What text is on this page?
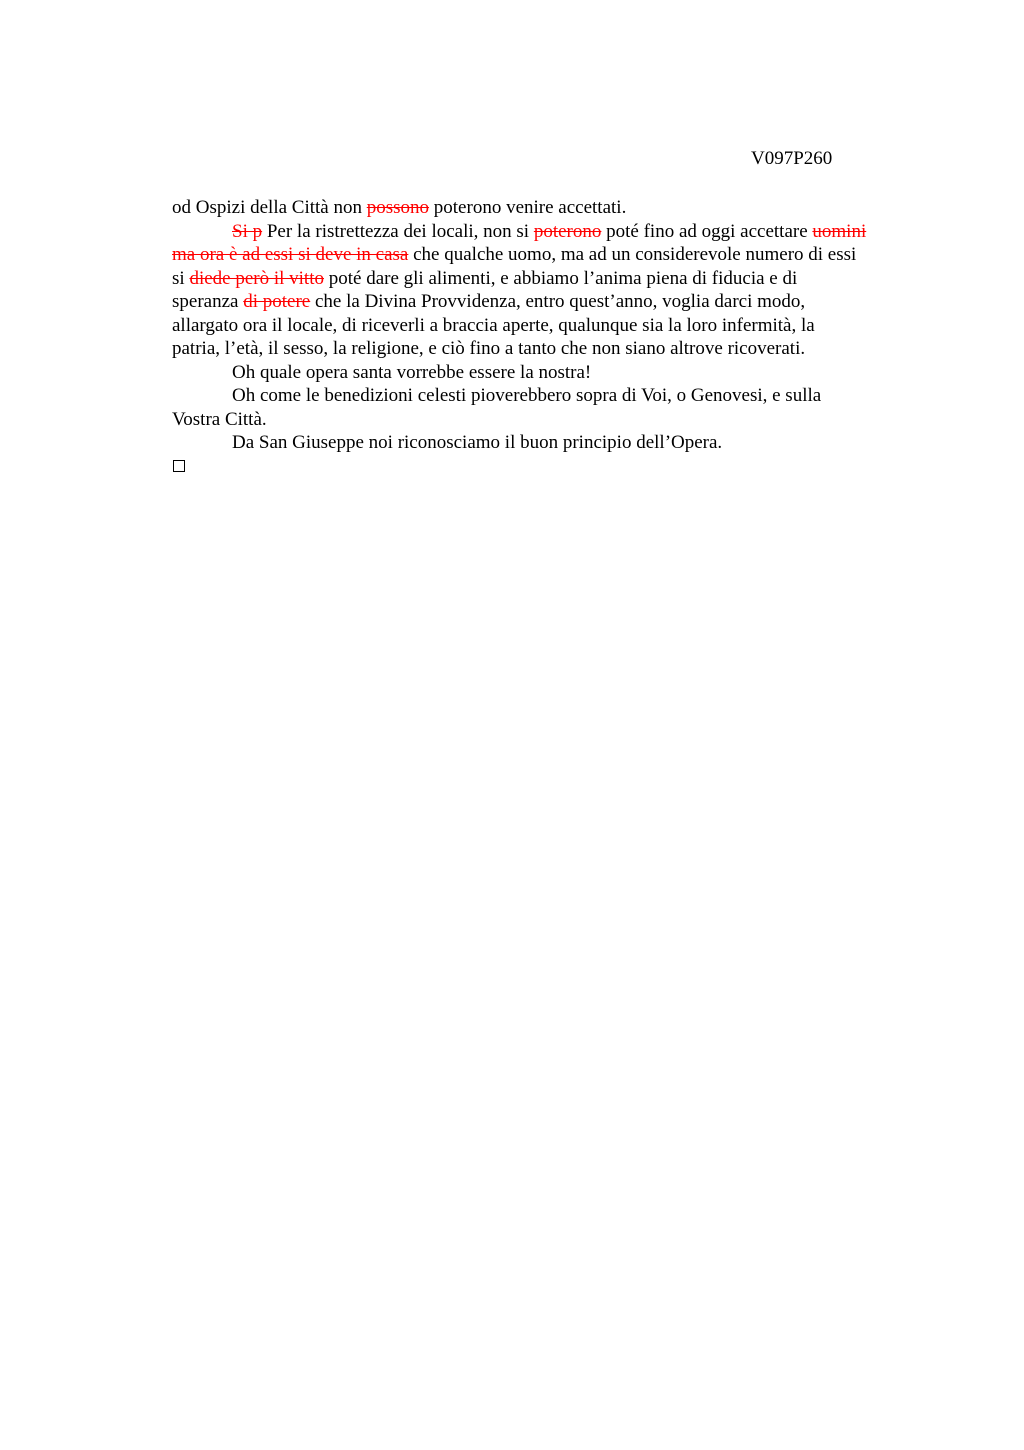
V097P260

od Ospizi della Città non possono poterono venire accettati.

Si p Per la ristrettezza dei locali, non si poterono poté fino ad oggi accettare uomini
ma ora è ad essi si deve in casa che qualche uomo, ma ad un considerevole numero di essi
si diede però il vitto poté dare gli alimenti, e abbiamo l’anima piena di fiducia e di
speranza di potere che la Divina Provvidenza, entro quest’anno, voglia darci modo,
allargato ora il locale, di riceverli a braccia aperte, qualunque sia la loro infermità, la
patria, l’età, il sesso, la religione, e ciò fino a tanto che non siano altrove ricoverati.

Oh quale opera santa vorrebbe essere la nostra!

Oh come le benedizioni celesti pioverebbero sopra di Voi, o Genovesi, e sulla
Vostra Città.

Da San Giuseppe noi riconosciamo il buon principio dell’Opera.
